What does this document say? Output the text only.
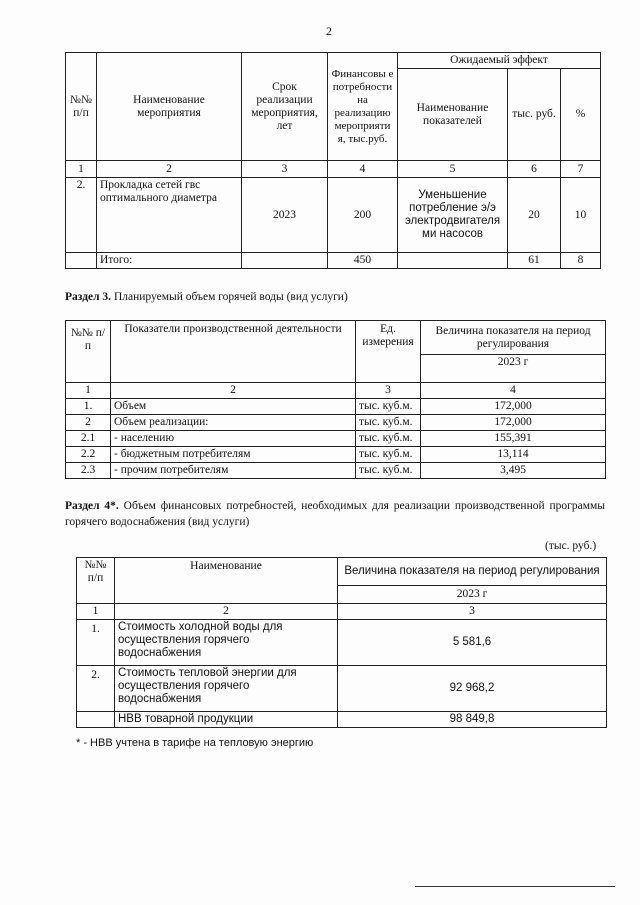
2
№№ п/п	Наименование мероприятия	Срок реализации мероприятия, лет	Финансовы е потребности на реализацию мероприяти я, тыс.руб.	Ожидаемый эффект		
				Наименование показателей	тыс. руб.	%
1	2	3	4	5	6	7
2.	Прокладка сетей гвс оптимального диаметра	2023	200	Уменьшение потребление э/э электродвигателя ми насосов	20	10
	Итого:		450		61	8
Раздел 3. Планируемый объем горячей воды (вид услуги)
№№ п/п	Показатели производственной деятельности	Ед. измерения	Величина показателя на период регулирования
			2023 г
1	2	3	4
1.	Объем	тыс. куб.м.	172,000
2	Объем реализации:	тыс. куб.м.	172,000
2.1	- населению	тыс. куб.м.	155,391
2.2	- бюджетным потребителям	тыс. куб.м.	13,114
2.3	- прочим потребителям	тыс. куб.м.	3,495
Раздел 4*. Объем финансовых потребностей, необходимых для реализации производственной программы горячего водоснабжения (вид услуги)
(тыс. руб.)
№№ п/п	Наименование	Величина показателя на период регулирования
		2023 г
1	2	3
1.	Стоимость холодной воды для осуществления горячего водоснабжения	5 581,6
2.	Стоимость тепловой энергии для осуществления горячего водоснабжения	92 968,2
	НВВ товарной продукции	98 849,8
* - НВВ учтена в тарифе на тепловую энергию
